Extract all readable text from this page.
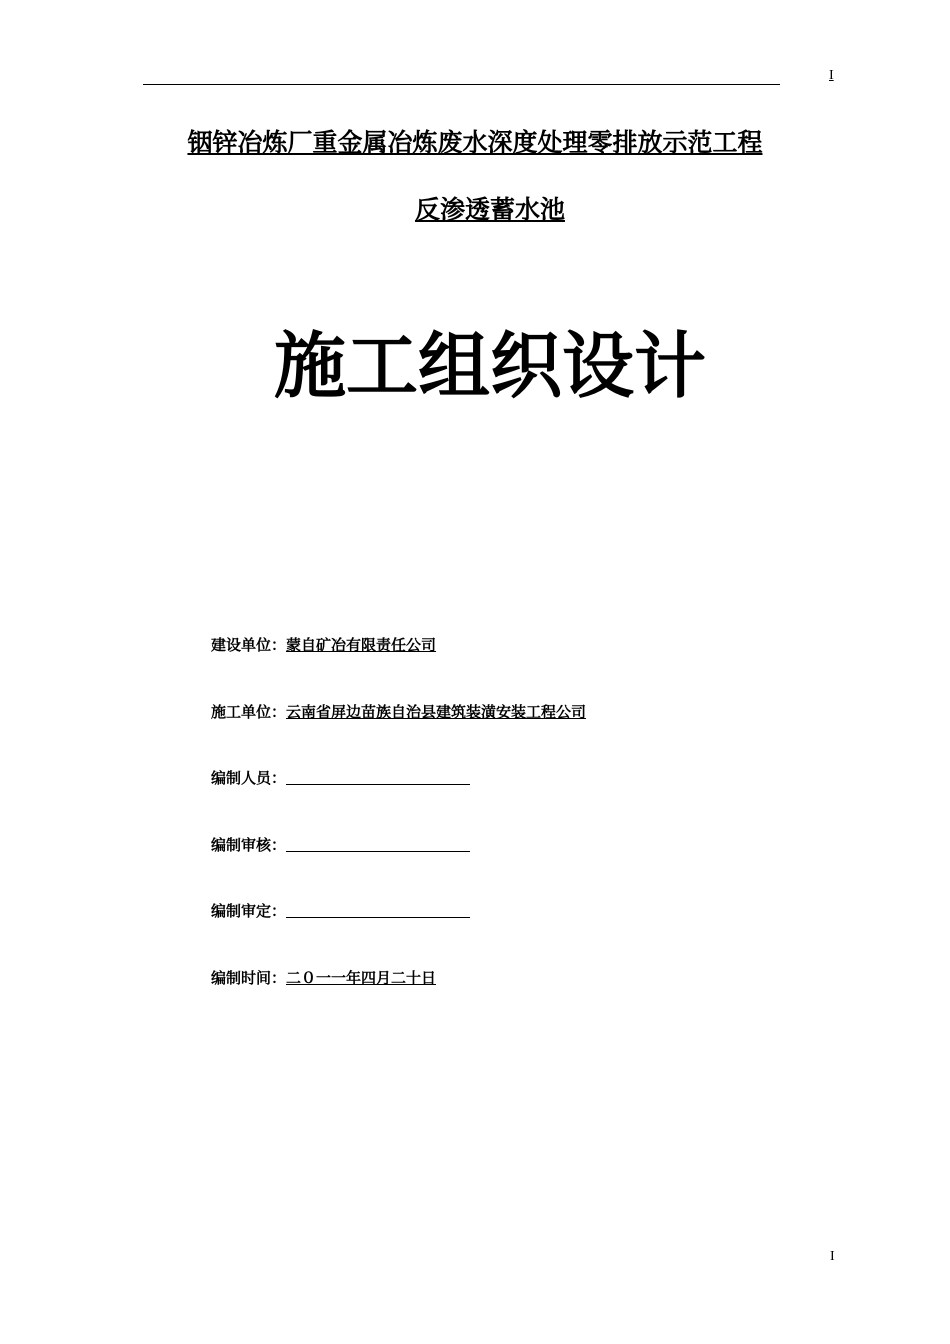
I
铟锌冶炼厂重金属冶炼废水深度处理零排放示范工程
反渗透蓄水池
施工组织设计
建设单位：蒙自矿冶有限责任公司
施工单位：云南省屏边苗族自治县建筑装潢安装工程公司
编制人员：
编制审核：
编制审定：
编制时间：二０一一年四月二十日
I
